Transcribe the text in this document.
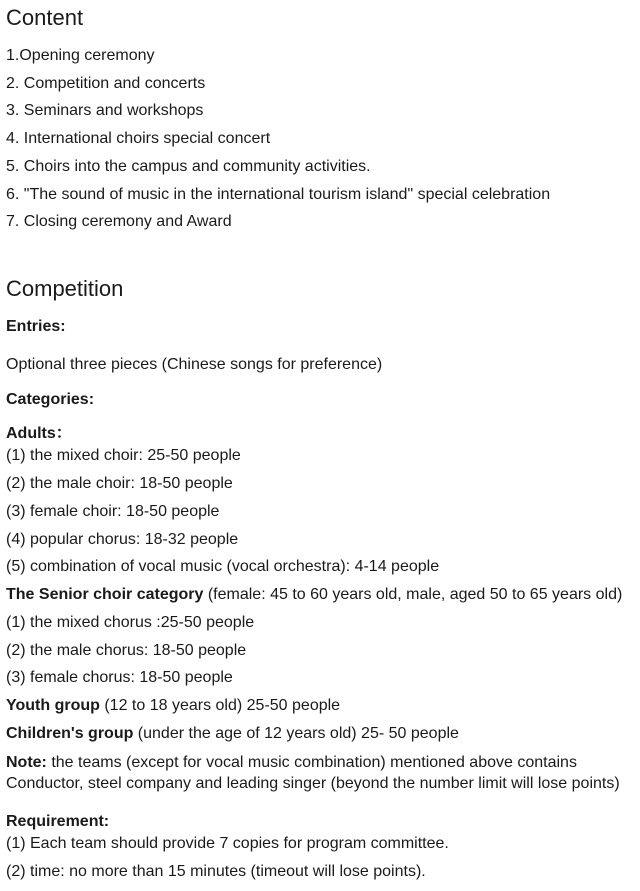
Content
1.Opening ceremony
2. Competition and concerts
3. Seminars and workshops
4. International choirs special concert
5. Choirs into the campus and community activities.
6. "The sound of music in the international tourism island" special celebration
7. Closing ceremony and Award
Competition
Entries:
Optional three pieces (Chinese songs for preference)
Categories:
Adults：
(1) the mixed choir: 25-50 people
(2) the male choir: 18-50 people
(3) female choir: 18-50 people
(4) popular chorus: 18-32 people
(5) combination of vocal music (vocal orchestra): 4-14 people
The Senior choir category (female: 45 to 60 years old, male, aged 50 to 65 years old)
(1) the mixed chorus :25-50 people
(2) the male chorus: 18-50 people
(3) female chorus: 18-50 people
Youth group (12 to 18 years old) 25-50 people
Children's group (under the age of 12 years old) 25- 50 people
Note: the teams (except for vocal music combination) mentioned above contains Conductor, steel company and leading singer (beyond the number limit will lose points)
Requirement:
(1) Each team should provide 7 copies for program committee.
(2) time: no more than 15 minutes (timeout will lose points).
